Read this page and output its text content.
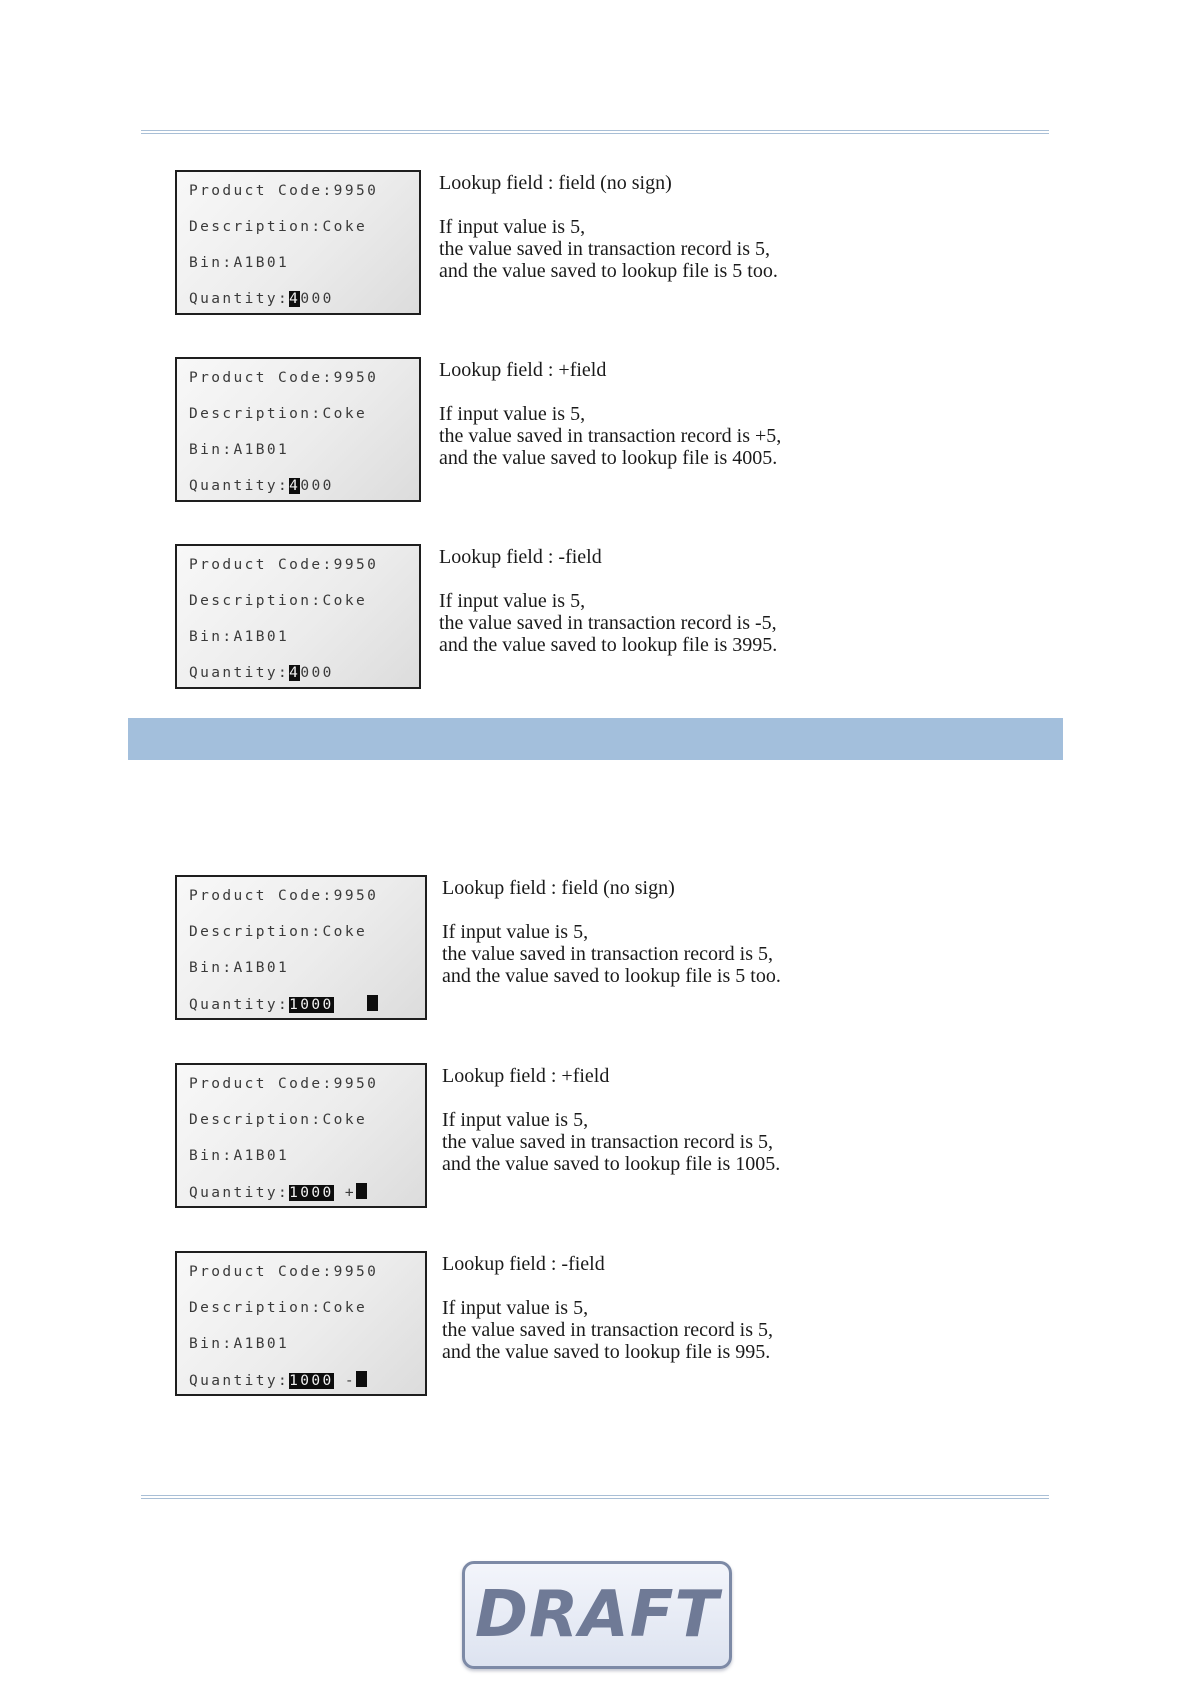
Product Code:9950
Description:Coke
Bin:A1B01
Quantity:4000
Lookup field : field (no sign)
If input value is 5,
the value saved in transaction record is 5,
and the value saved to lookup file is 5 too.
Product Code:9950
Description:Coke
Bin:A1B01
Quantity:4000
Lookup field : +field
If input value is 5,
the value saved in transaction record is +5,
and the value saved to lookup file is 4005.
Product Code:9950
Description:Coke
Bin:A1B01
Quantity:4000
Lookup field : -field
If input value is 5,
the value saved in transaction record is -5,
and the value saved to lookup file is 3995.
Product Code:9950
Description:Coke
Bin:A1B01
Quantity:1000
Lookup field : field (no sign)
If input value is 5,
the value saved in transaction record is 5,
and the value saved to lookup file is 5 too.
Product Code:9950
Description:Coke
Bin:A1B01
Quantity:1000 +
Lookup field : +field
If input value is 5,
the value saved in transaction record is 5,
and the value saved to lookup file is 1005.
Product Code:9950
Description:Coke
Bin:A1B01
Quantity:1000 -
Lookup field : -field
If input value is 5,
the value saved in transaction record is 5,
and the value saved to lookup file is 995.
DRAFT
